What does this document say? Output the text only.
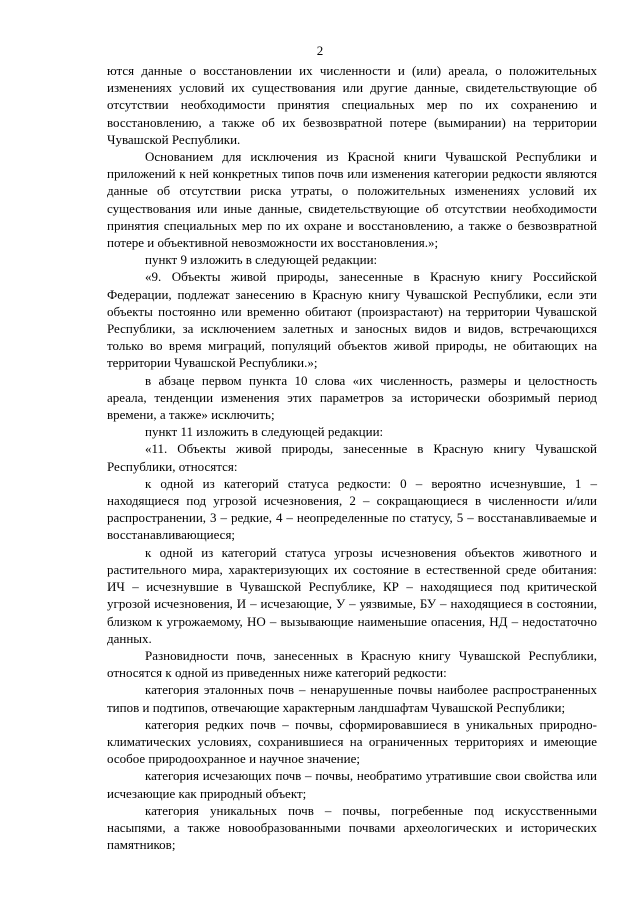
2

ются данные о восстановлении их численности и (или) ареала, о положительных изменениях условий их существования или другие данные, свидетельствующие об отсутствии необходимости принятия специальных мер по их сохранению и восстановлению, а также об их безвозвратной потере (вымирании) на территории Чувашской Республики.

Основанием для исключения из Красной книги Чувашской Республики и приложений к ней конкретных типов почв или изменения категории редкости являются данные об отсутствии риска утраты, о положительных изменениях условий их существования или иные данные, свидетельствующие об отсутствии необходимости принятия специальных мер по их охране и восстановлению, а также о безвозвратной потере и объективной невозможности их восстановления.»;

пункт 9 изложить в следующей редакции:

«9. Объекты живой природы, занесенные в Красную книгу Российской Федерации, подлежат занесению в Красную книгу Чувашской Республики, если эти объекты постоянно или временно обитают (произрастают) на территории Чувашской Республики, за исключением залетных и заносных видов и видов, встречающихся только во время миграций, популяций объектов живой природы, не обитающих на территории Чувашской Республики.»;

в абзаце первом пункта 10 слова «их численность, размеры и целостность ареала, тенденции изменения этих параметров за исторически обозримый период времени, а также» исключить;

пункт 11 изложить в следующей редакции:

«11. Объекты живой природы, занесенные в Красную книгу Чувашской Республики, относятся:

к одной из категорий статуса редкости: 0 – вероятно исчезнувшие, 1 – находящиеся под угрозой исчезновения, 2 – сокращающиеся в численности и/или распространении, 3 – редкие, 4 – неопределенные по статусу, 5 – восстанавливаемые и восстанавливающиеся;

к одной из категорий статуса угрозы исчезновения объектов животного и растительного мира, характеризующих их состояние в естественной среде обитания: ИЧ – исчезнувшие в Чувашской Республике, КР – находящиеся под критической угрозой исчезновения, И – исчезающие, У – уязвимые, БУ – находящиеся в состоянии, близком к угрожаемому, НО – вызывающие наименьшие опасения, НД – недостаточно данных.

Разновидности почв, занесенных в Красную книгу Чувашской Республики, относятся к одной из приведенных ниже категорий редкости:

категория эталонных почв – ненарушенные почвы наиболее распространенных типов и подтипов, отвечающие характерным ландшафтам Чувашской Республики;

категория редких почв – почвы, сформировавшиеся в уникальных природно-климатических условиях, сохранившиеся на ограниченных территориях и имеющие особое природоохранное и научное значение;

категория исчезающих почв – почвы, необратимо утратившие свои свойства или исчезающие как природный объект;

категория уникальных почв – почвы, погребенные под искусственными насыпями, а также новообразованными почвами археологических и исторических памятников;
